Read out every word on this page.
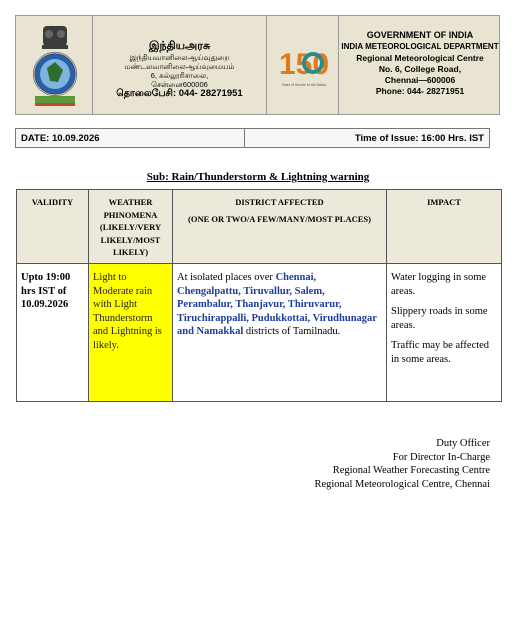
இந்தியஅரசு
இந்தியவானிலைஆய்வுதுறை
மண்டலவானிலைஆய்வுமையம்
6, கல்லூரிசாலை,
சென்னை600006
தொலைபேசி: 044- 28271951
150
Years of Service to the Nation
GOVERNMENT OF INDIA
INDIA METEOROLOGICAL DEPARTMENT
Regional Meteorological Centre
No. 6, College Road,
Chennai—600006
Phone: 044- 28271951
DATE: 10.09.2026	Time of Issue: 16:00 Hrs. IST
Sub: Rain/Thunderstorm & Lightning warning
VALIDITY	WEATHER PHINOMENA (LIKELY/VERY LIKELY/MOST LIKELY)	DISTRICT AFFECTED
(ONE OR TWO/A FEW/MANY/MOST PLACES)	IMPACT
Upto 19:00 hrs IST of 10.09.2026	Light to Moderate rain with Light Thunderstorm and Lightning is likely.	At isolated places over Chennai, Chengalpattu, Tiruvallur, Salem, Perambalur, Thanjavur, Thiruvarur, Tiruchirappalli, Pudukkottai, Virudhunagar and Namakkal districts of Tamilnadu.	Water logging in some areas.

Slippery roads in some areas.

Traffic may be affected in some areas.

Duty Officer
For Director In-Charge
Regional Weather Forecasting Centre
Regional Meteorological Centre, Chennai
